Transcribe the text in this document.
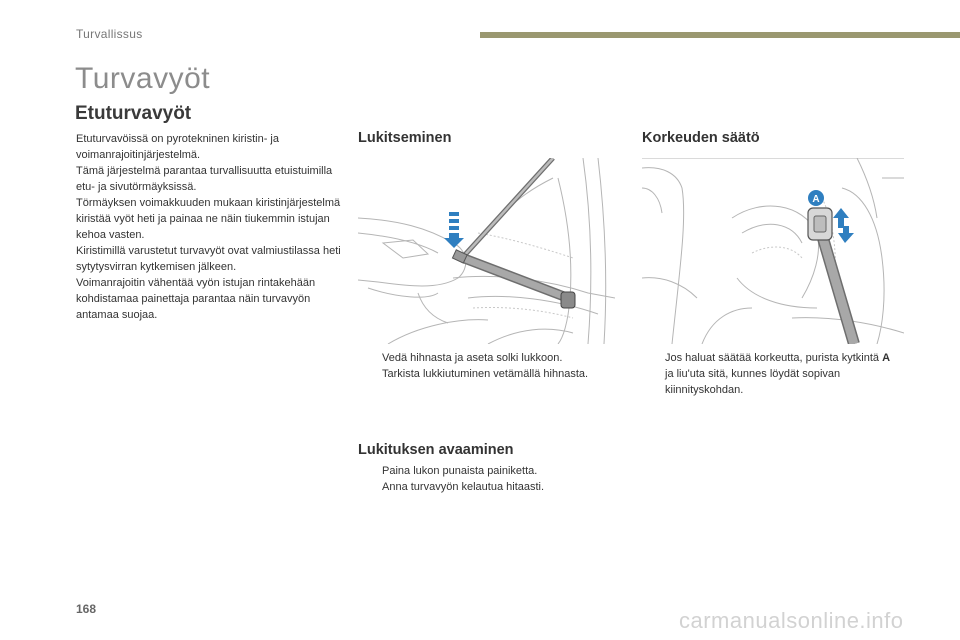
Turvallissus
Turvavyöt
Etuturvavyöt

Etuturvavöissä on pyrotekninen kiristin- ja voimanrajoitinjärjestelmä.

Tämä järjestelmä parantaa turvallisuutta etuistuimilla etu- ja sivutörmäyksissä.

Törmäyksen voimakkuuden mukaan kiristinjärjestelmä kiristää vyöt heti ja painaa ne näin tiukemmin istujan kehoa vasten.

Kiristimillä varustetut turvavyöt ovat valmiustilassa heti sytytysvirran kytkemisen jälkeen.

Voimanrajoitin vähentää vyön istujan rintakehään kohdistamaa painettaja parantaa näin turvavyön antamaa suojaa.

Lukitseminen
Vedä hihnasta ja aseta solki lukkoon.
Tarkista lukkiutuminen vetämällä hihnasta.
Korkeuden säätö
A
Jos haluat säätää korkeutta, purista kytkintä A ja liu'uta sitä, kunnes löydät sopivan kiinnityskohdan.
Lukituksen avaaminen
Paina lukon punaista painiketta.
Anna turvavyön kelautua hitaasti.
168	carmanualsonline.info
